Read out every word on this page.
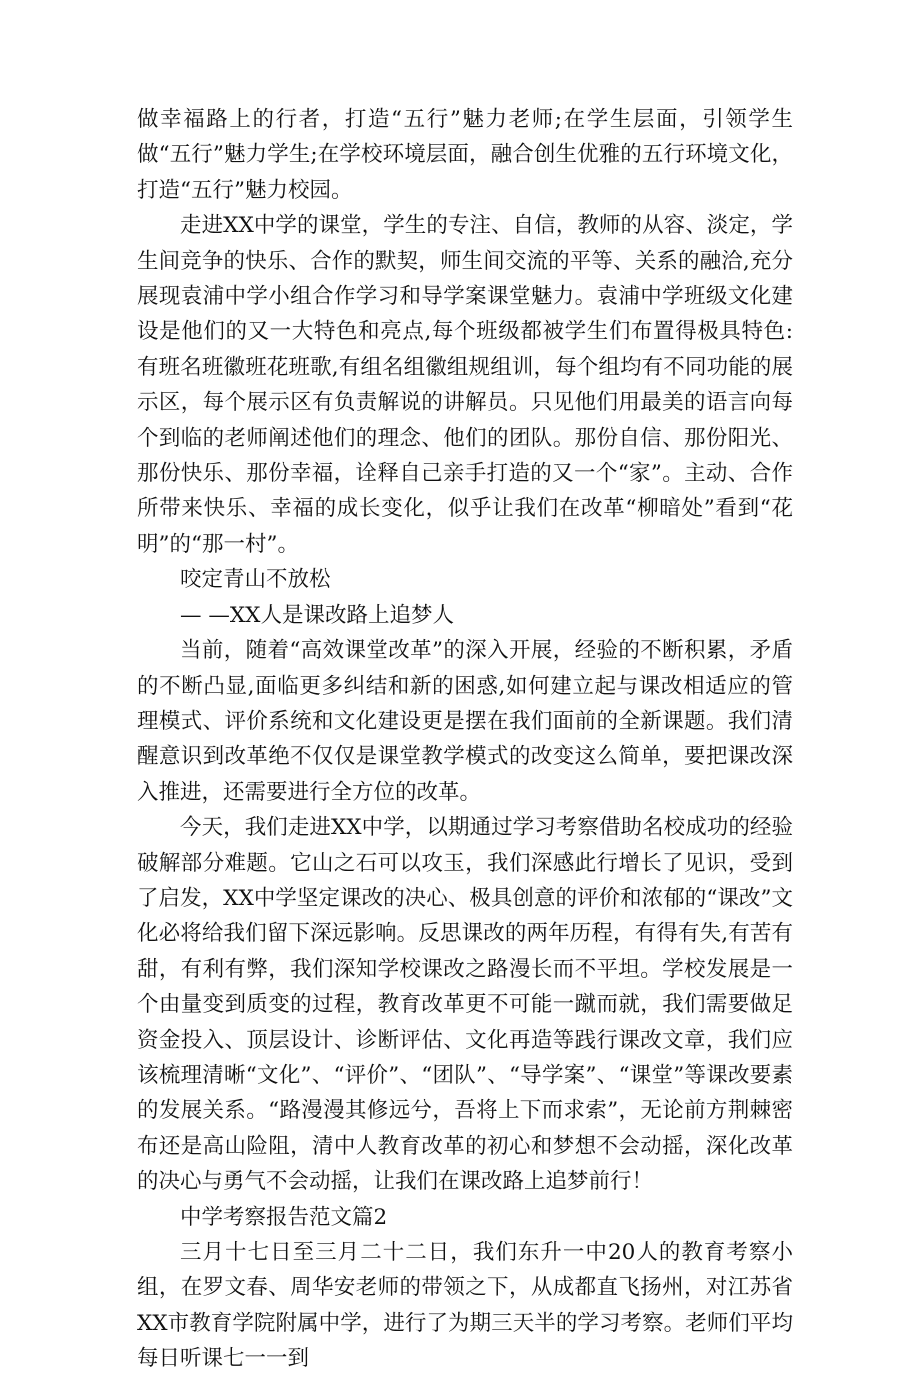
做幸福路上的行者，打造“五行”魅力老师;在学生层面，引领学生做“五行”魅力学生;在学校环境层面，融合创生优雅的五行环境文化，打造“五行”魅力校园。

走进XX中学的课堂，学生的专注、自信，教师的从容、淡定，学生间竞争的快乐、合作的默契，师生间交流的平等、关系的融洽,充分展现袁浦中学小组合作学习和导学案课堂魅力。袁浦中学班级文化建设是他们的又一大特色和亮点,每个班级都被学生们布置得极具特色:有班名班徽班花班歌,有组名组徽组规组训，每个组均有不同功能的展示区，每个展示区有负责解说的讲解员。只见他们用最美的语言向每个到临的老师阐述他们的理念、他们的团队。那份自信、那份阳光、那份快乐、那份幸福，诠释自己亲手打造的又一个“家”。主动、合作所带来快乐、幸福的成长变化，似乎让我们在改革“柳暗处”看到“花明”的“那一村”。

咬定青山不放松

— —XX人是课改路上追梦人

当前，随着“高效课堂改革”的深入开展，经验的不断积累，矛盾的不断凸显,面临更多纠结和新的困惑,如何建立起与课改相适应的管理模式、评价系统和文化建设更是摆在我们面前的全新课题。我们清醒意识到改革绝不仅仅是课堂教学模式的改变这么简单，要把课改深入推进，还需要进行全方位的改革。

今天，我们走进XX中学，以期通过学习考察借助名校成功的经验破解部分难题。它山之石可以攻玉，我们深感此行增长了见识，受到了启发，XX中学坚定课改的决心、极具创意的评价和浓郁的“课改”文化必将给我们留下深远影响。反思课改的两年历程，有得有失,有苦有甜，有利有弊，我们深知学校课改之路漫长而不平坦。学校发展是一个由量变到质变的过程，教育改革更不可能一蹴而就，我们需要做足资金投入、顶层设计、诊断评估、文化再造等践行课改文章，我们应该梳理清晰“文化”、“评价”、“团队”、“导学案”、“课堂”等课改要素的发展关系。“路漫漫其修远兮，吾将上下而求索”，无论前方荆棘密布还是高山险阻，清中人教育改革的初心和梦想不会动摇，深化改革的决心与勇气不会动摇，让我们在课改路上追梦前行！

中学考察报告范文篇2

三月十七日至三月二十二日，我们东升一中20人的教育考察小组，在罗文春、周华安老师的带领之下，从成都直飞扬州，对江苏省XX市教育学院附属中学，进行了为期三天半的学习考察。老师们平均每日听课七一一到
